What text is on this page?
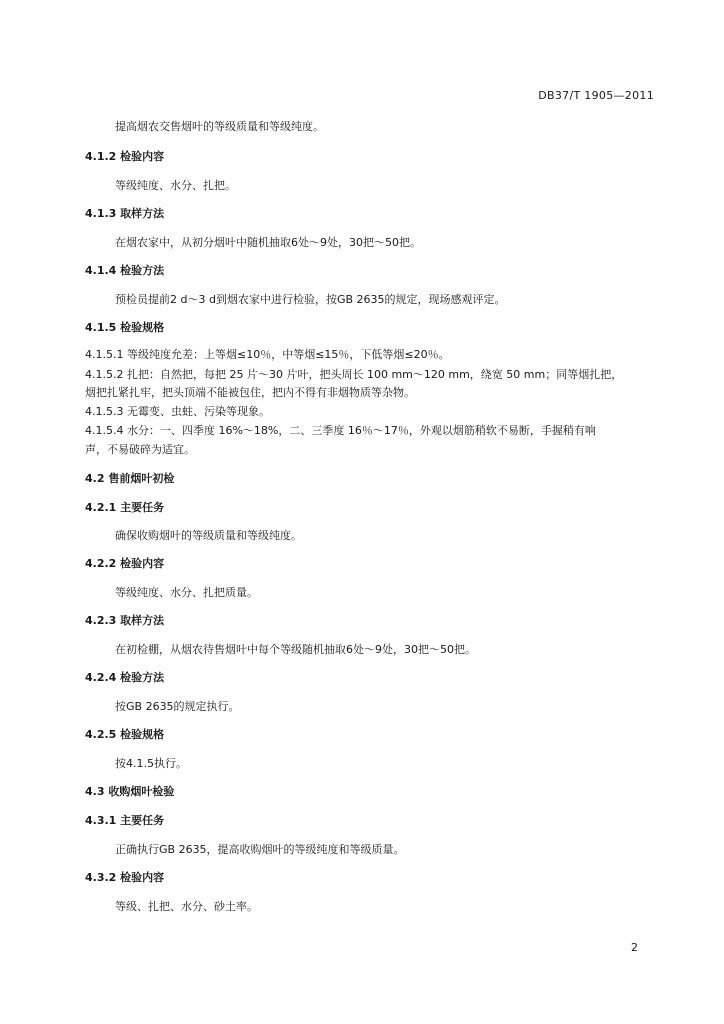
DB37/T 1905—2011
提高烟农交售烟叶的等级质量和等级纯度。
4.1.2 检验内容
等级纯度、水分、扎把。
4.1.3 取样方法
在烟农家中，从初分烟叶中随机抽取6处～9处，30把～50把。
4.1.4 检验方法
预检员提前2 d～3 d到烟农家中进行检验，按GB 2635的规定，现场感观评定。
4.1.5 检验规格
4.1.5.1 等级纯度允差：上等烟≤10％，中等烟≤15％，下低等烟≤20％。
4.1.5.2 扎把：自然把，每把 25 片～30 片叶，把头周长 100 mm～120 mm，绕宽 50 mm；同等烟扎把，
烟把扎紧扎牢，把头顶端不能被包住，把内不得有非烟物质等杂物。
4.1.5.3 无霉变、虫蛀、污染等现象。
4.1.5.4 水分：一、四季度 16%～18%，二、三季度 16％～17％，外观以烟筋稍软不易断，手握稍有响
声，不易破碎为适宜。
4.2 售前烟叶初检
4.2.1 主要任务
确保收购烟叶的等级质量和等级纯度。
4.2.2 检验内容
等级纯度、水分、扎把质量。
4.2.3 取样方法
在初检棚，从烟农待售烟叶中每个等级随机抽取6处～9处，30把～50把。
4.2.4 检验方法
按GB 2635的规定执行。
4.2.5 检验规格
按4.1.5执行。
4.3 收购烟叶检验
4.3.1 主要任务
正确执行GB 2635，提高收购烟叶的等级纯度和等级质量。
4.3.2 检验内容
等级、扎把、水分、砂土率。
2
